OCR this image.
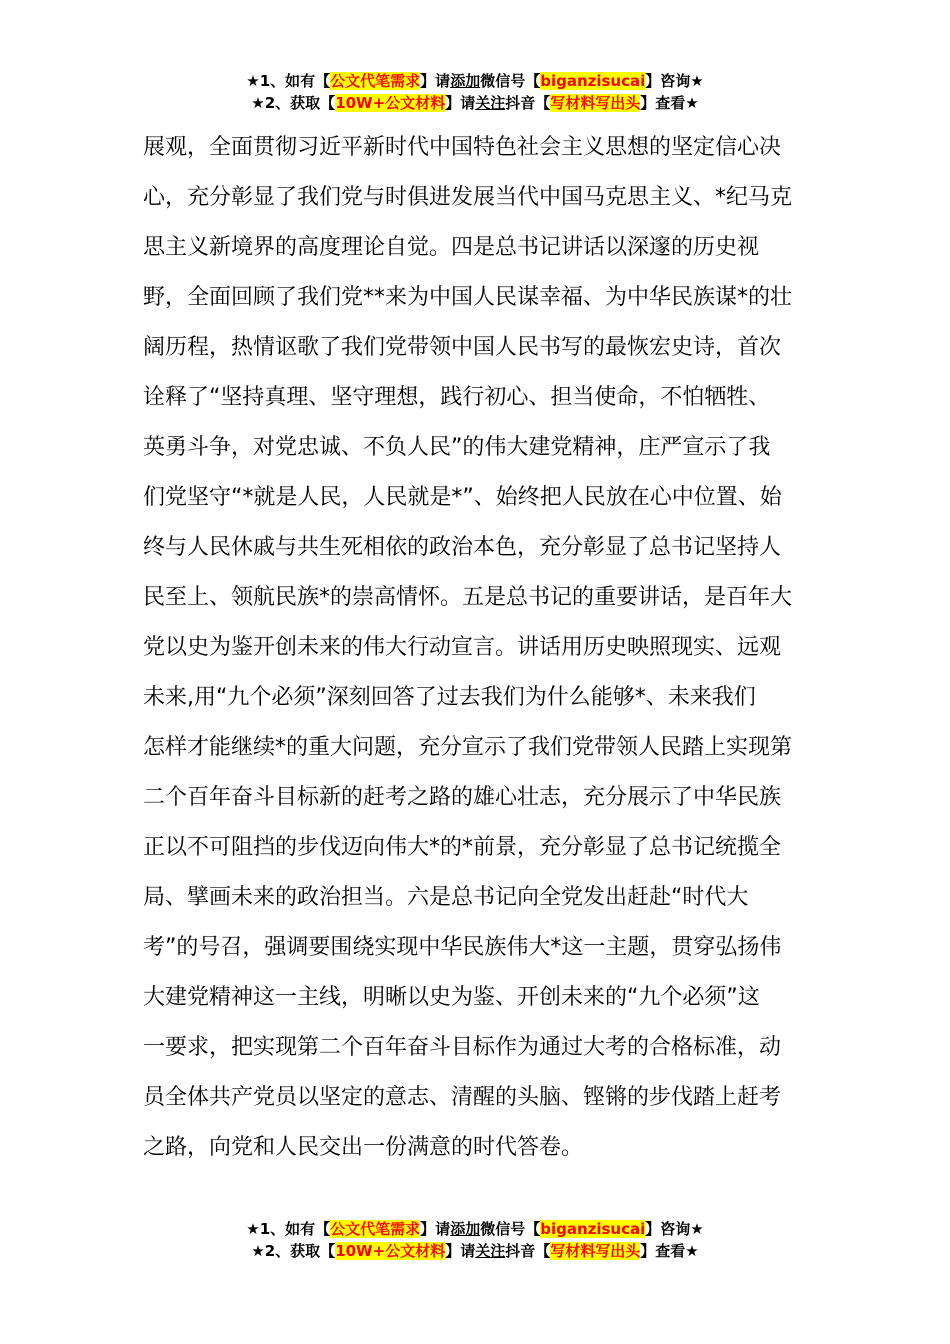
★1、如有【公文代笔需求】请添加微信号【biganzisucai】咨询★
★2、获取【10W+公文材料】请关注抖音【写材料写出头】查看★
展观，全面贯彻习近平新时代中国特色社会主义思想的坚定信心决
心，充分彰显了我们党与时俱进发展当代中国马克思主义、*纪马克
思主义新境界的高度理论自觉。四是总书记讲话以深邃的历史视
野，全面回顾了我们党**来为中国人民谋幸福、为中华民族谋*的壮
阔历程，热情讴歌了我们党带领中国人民书写的最恢宏史诗，首次
诠释了“坚持真理、坚守理想，践行初心、担当使命，不怕牺牲、
英勇斗争，对党忠诚、不负人民”的伟大建党精神，庄严宣示了我
们党坚守“*就是人民，人民就是*”、始终把人民放在心中位置、始
终与人民休戚与共生死相依的政治本色，充分彰显了总书记坚持人
民至上、领航民族*的崇高情怀。五是总书记的重要讲话，是百年大
党以史为鉴开创未来的伟大行动宣言。讲话用历史映照现实、远观
未来,用“九个必须”深刻回答了过去我们为什么能够*、未来我们
怎样才能继续*的重大问题，充分宣示了我们党带领人民踏上实现第
二个百年奋斗目标新的赶考之路的雄心壮志，充分展示了中华民族
正以不可阻挡的步伐迈向伟大*的*前景，充分彰显了总书记统揽全
局、擘画未来的政治担当。六是总书记向全党发出赶赴“时代大
考”的号召，强调要围绕实现中华民族伟大*这一主题，贯穿弘扬伟
大建党精神这一主线，明晰以史为鉴、开创未来的“九个必须”这
一要求，把实现第二个百年奋斗目标作为通过大考的合格标准，动
员全体共产党员以坚定的意志、清醒的头脑、铿锵的步伐踏上赶考
之路，向党和人民交出一份满意的时代答卷。
★1、如有【公文代笔需求】请添加微信号【biganzisucai】咨询★
★2、获取【10W+公文材料】请关注抖音【写材料写出头】查看★
